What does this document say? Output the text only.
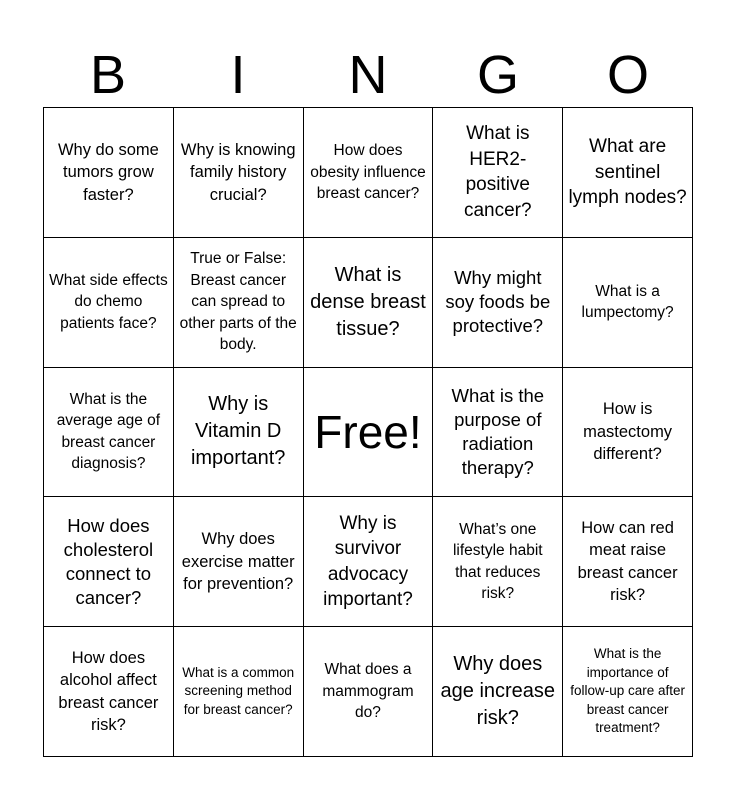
B	I	N	G	O
Why do some tumors grow faster?
Why is knowing family history crucial?
How does obesity influence breast cancer?
What is HER2-positive cancer?
What are sentinel lymph nodes?
What side effects do chemo patients face?
True or False: Breast cancer can spread to other parts of the body.
What is dense breast tissue?
Why might soy foods be protective?
What is a lumpectomy?
What is the average age of breast cancer diagnosis?
Why is Vitamin D important?
Free!
What is the purpose of radiation therapy?
How is mastectomy different?
How does cholesterol connect to cancer?
Why does exercise matter for prevention?
Why is survivor advocacy important?
What’s one lifestyle habit that reduces risk?
How can red meat raise breast cancer risk?
How does alcohol affect breast cancer risk?
What is a common screening method for breast cancer?
What does a mammogram do?
Why does age increase risk?
What is the importance of follow-up care after breast cancer treatment?
